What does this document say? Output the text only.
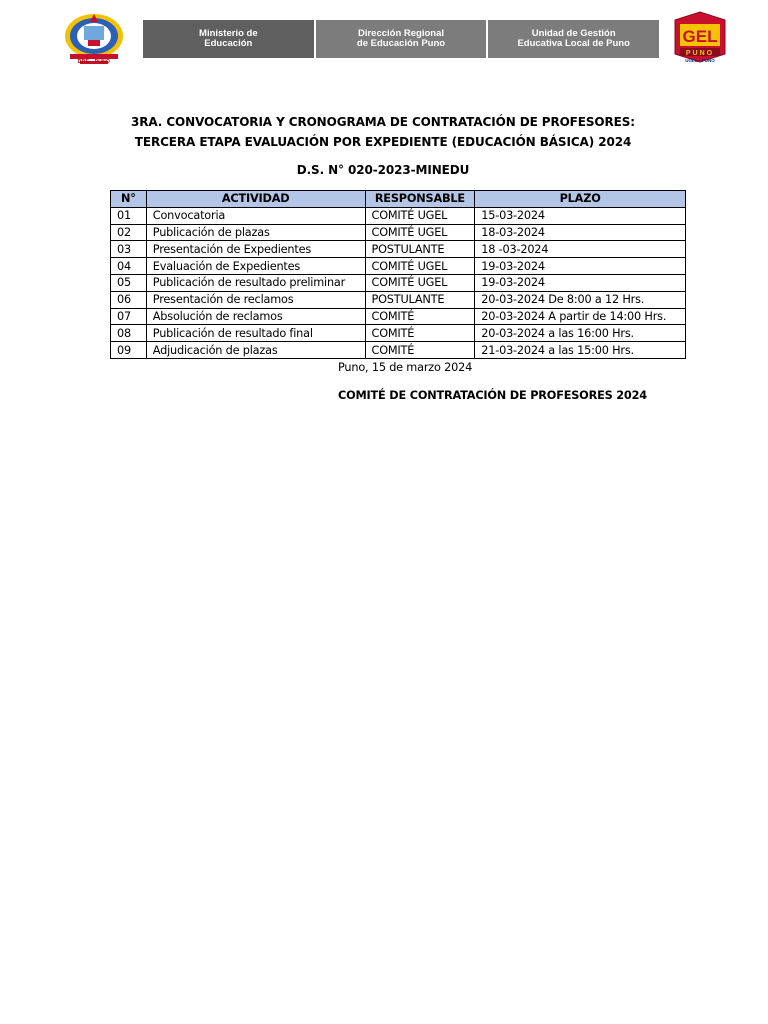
DRE - PUNO
Ministerio de
Educación
Dirección Regional
de Educación Puno
Unidad de Gestión
Educativa Local de Puno	GEL
PUNO
UGEL - PUNO
3RA. CONVOCATORIA Y CRONOGRAMA DE CONTRATACIÓN DE PROFESORES:
TERCERA ETAPA EVALUACIÓN POR EXPEDIENTE (EDUCACIÓN BÁSICA) 2024
D.S. N° 020-2023-MINEDU
N°	ACTIVIDAD	RESPONSABLE	PLAZO
01	Convocatoria	COMITÉ UGEL	15-03-2024
02	Publicación de plazas	COMITÉ UGEL	18-03-2024
03	Presentación de Expedientes	POSTULANTE	18 -03-2024
04	Evaluación de Expedientes	COMITÉ UGEL	19-03-2024
05	Publicación de resultado preliminar	COMITÉ UGEL	19-03-2024
06	Presentación de reclamos	POSTULANTE	20-03-2024 De 8:00 a 12 Hrs.
07	Absolución de reclamos	COMITÉ	20-03-2024 A partir de 14:00 Hrs.
08	Publicación de resultado final	COMITÉ	20-03-2024 a las 16:00 Hrs.
09	Adjudicación de plazas	COMITÉ	21-03-2024 a las 15:00 Hrs.
Puno, 15 de marzo 2024
COMITÉ DE CONTRATACIÓN DE PROFESORES 2024
